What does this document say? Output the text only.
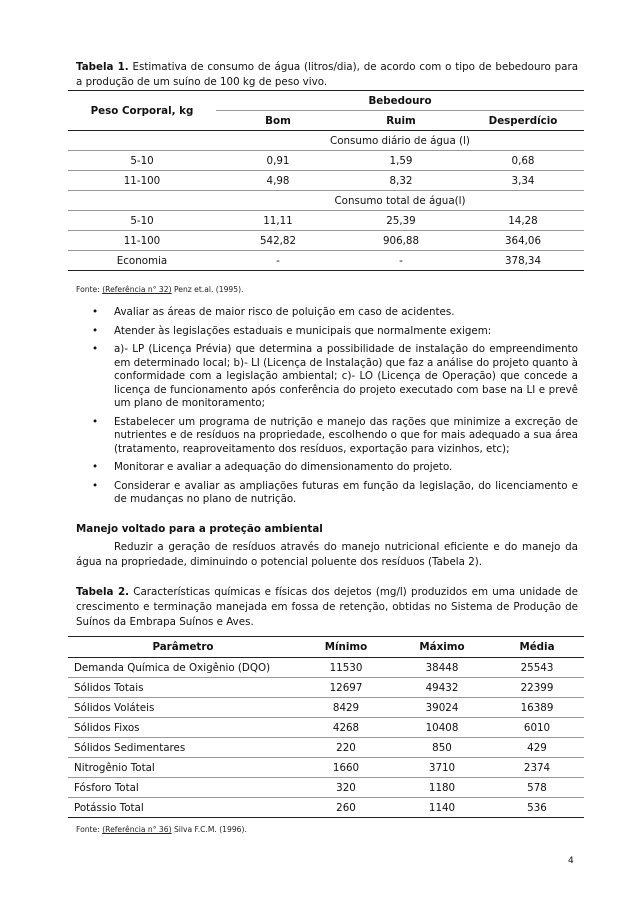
Tabela 1. Estimativa de consumo de água (litros/dia), de acordo com o tipo de bebedouro para a produção de um suíno de 100 kg de peso vivo.
Peso Corporal, kg	Bebedouro		
	Bom	Ruim	Desperdício
	Consumo diário de água (l)		
5-10	0,91	1,59	0,68
11-100	4,98	8,32	3,34
	Consumo total de água(l)		
5-10	11,11	25,39	14,28
11-100	542,82	906,88	364,06
Economia	-	-	378,34
Fonte: (Referência n° 32) Penz et.al. (1995).
• Avaliar as áreas de maior risco de poluição em caso de acidentes.
• Atender às legislações estaduais e municipais que normalmente exigem:
• a)- LP (Licença Prévia) que determina a possibilidade de instalação do empreendimento em determinado local; b)- LI (Licença de Instalação) que faz a análise do projeto quanto à conformidade com a legislação ambiental; c)- LO (Licença de Operação) que concede a licença de funcionamento após conferência do projeto executado com base na LI e prevê um plano de monitoramento;
• Estabelecer um programa de nutrição e manejo das rações que minimize a excreção de nutrientes e de resíduos na propriedade, escolhendo o que for mais adequado a sua área (tratamento, reaproveitamento dos resíduos, exportação para vizinhos, etc);
• Monitorar e avaliar a adequação do dimensionamento do projeto.
• Considerar e avaliar as ampliações futuras em função da legislação, do licenciamento e de mudanças no plano de nutrição.
Manejo voltado para a proteção ambiental
Reduzir a geração de resíduos através do manejo nutricional eficiente e do manejo da água na propriedade, diminuindo o potencial poluente dos resíduos (Tabela 2).
Tabela 2. Características químicas e físicas dos dejetos (mg/l) produzidos em uma unidade de crescimento e terminação manejada em fossa de retenção, obtidas no Sistema de Produção de Suínos da Embrapa Suínos e Aves.
Parâmetro	Mínimo	Máximo	Média
Demanda Química de Oxigênio (DQO)	11530	38448	25543
Sólidos Totais	12697	49432	22399
Sólidos Voláteis	8429	39024	16389
Sólidos Fixos	4268	10408	6010
Sólidos Sedimentares	220	850	429
Nitrogênio Total	1660	3710	2374
Fósforo Total	320	1180	578
Potássio Total	260	1140	536
Fonte: (Referência n° 36) Silva F.C.M. (1996).
4
